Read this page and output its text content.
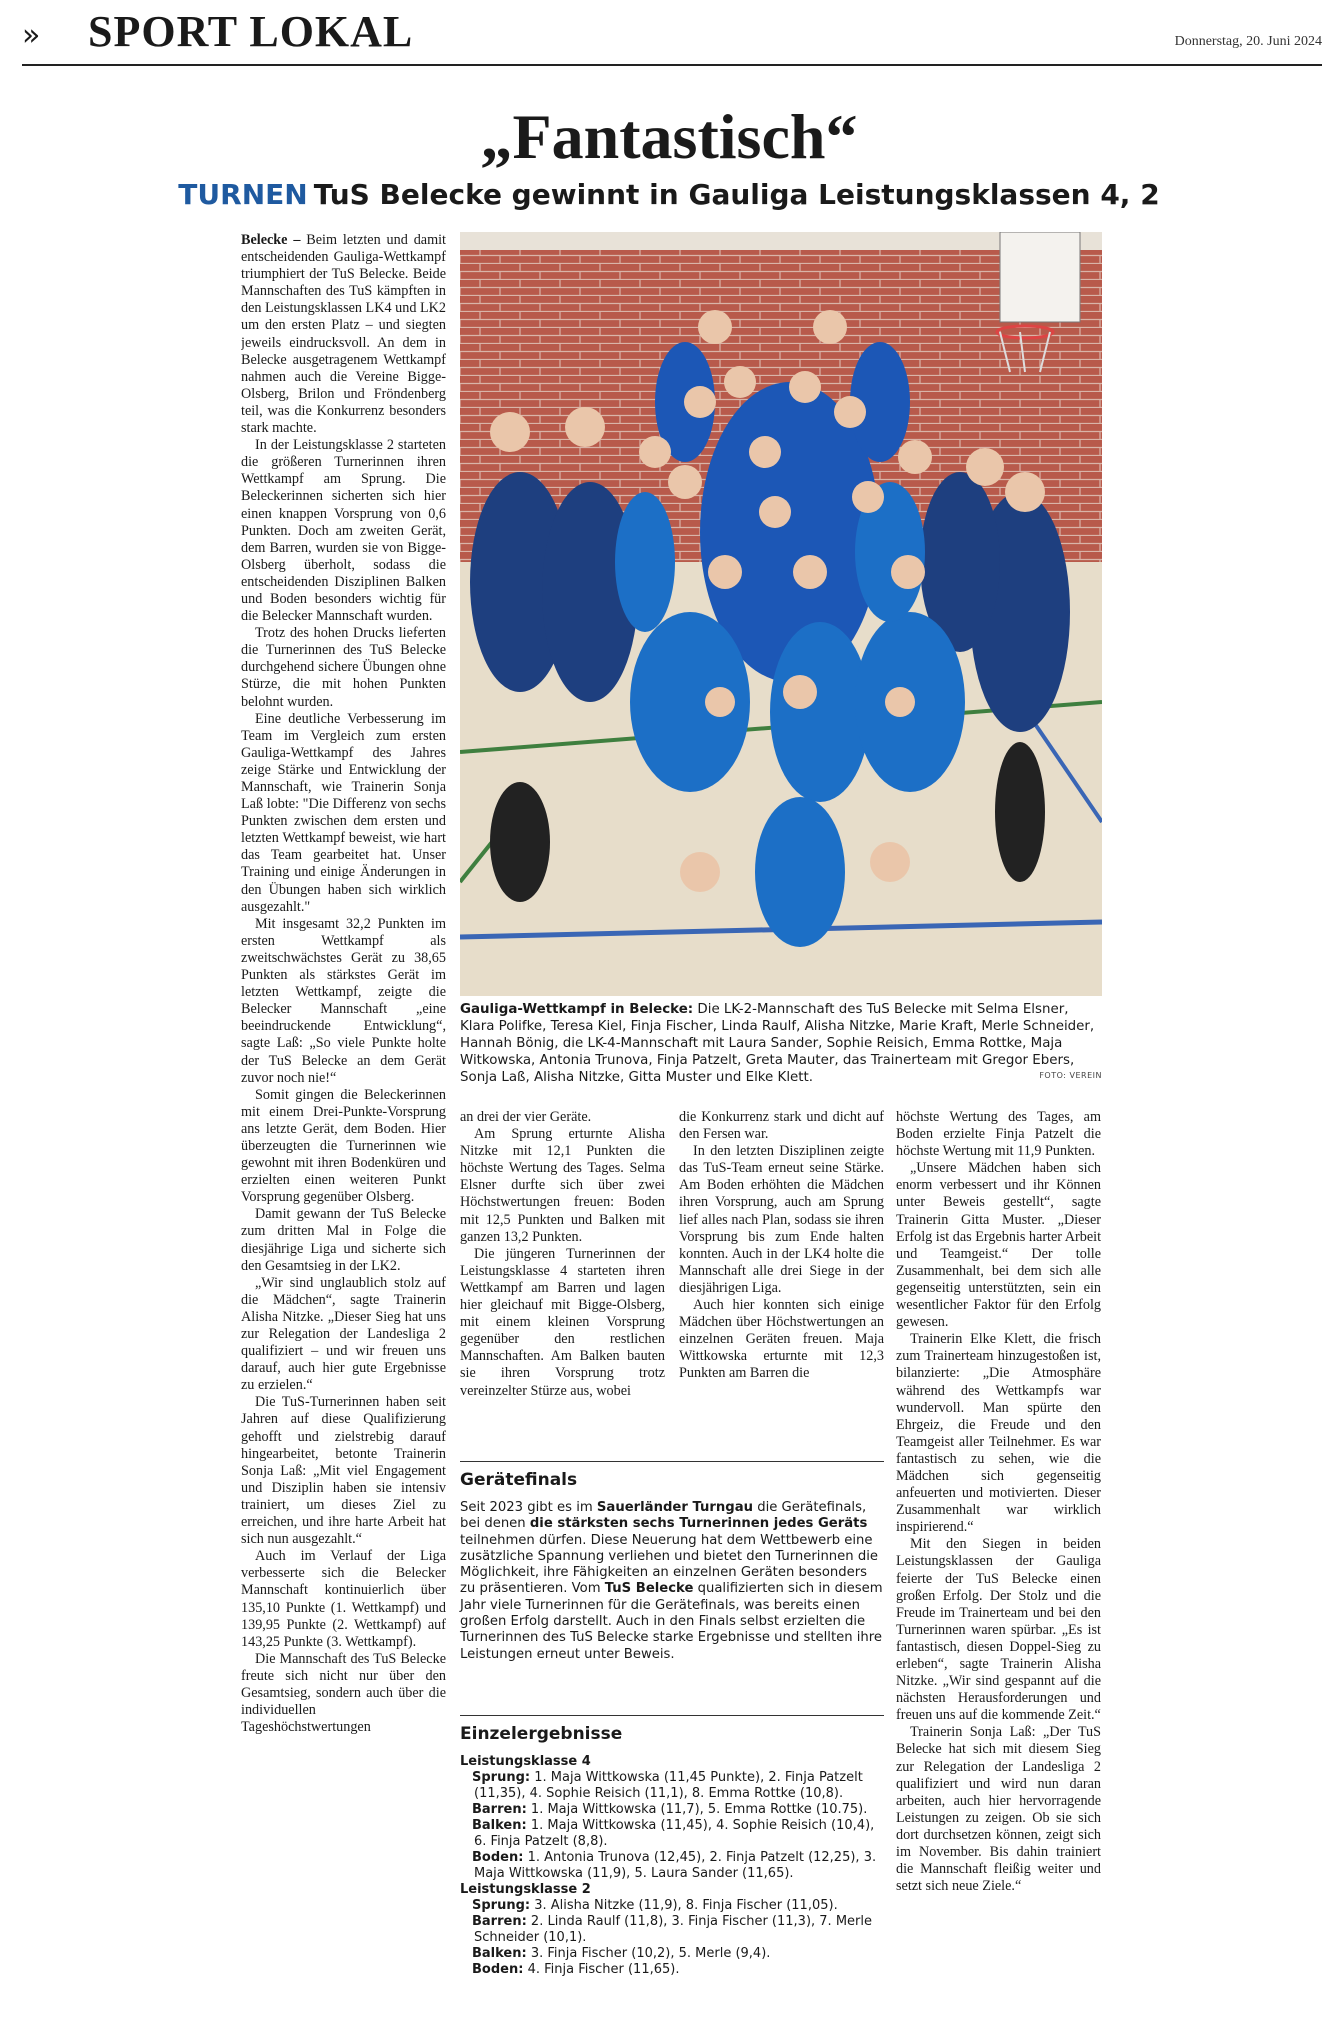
» SPORT LOKAL	Donnerstag, 20. Juni 2024
„Fantastisch“
TURNEN TuS Belecke gewinnt in Gauliga Leistungsklassen 4, 2

Belecke – Beim letzten und damit entscheidenden Gauliga-Wettkampf triumphiert der TuS Belecke. Beide Mannschaften des TuS kämpften in den Leistungsklassen LK4 und LK2 um den ersten Platz – und siegten jeweils eindrucksvoll. An dem in Belecke ausgetragenem Wettkampf nahmen auch die Vereine Bigge-Olsberg, Brilon und Fröndenberg teil, was die Konkurrenz besonders stark machte.

In der Leistungsklasse 2 starteten die größeren Turnerinnen ihren Wettkampf am Sprung. Die Beleckerinnen sicherten sich hier einen knappen Vorsprung von 0,6 Punkten. Doch am zweiten Gerät, dem Barren, wurden sie von Bigge-Olsberg überholt, sodass die entscheidenden Disziplinen Balken und Boden besonders wichtig für die Belecker Mannschaft wurden.

Trotz des hohen Drucks lieferten die Turnerinnen des TuS Belecke durchgehend sichere Übungen ohne Stürze, die mit hohen Punkten belohnt wurden.

Eine deutliche Verbesserung im Team im Vergleich zum ersten Gauliga-Wettkampf des Jahres zeige Stärke und Entwicklung der Mannschaft, wie Trainerin Sonja Laß lobte: "Die Differenz von sechs Punkten zwischen dem ersten und letzten Wettkampf beweist, wie hart das Team gearbeitet hat. Unser Training und einige Änderungen in den Übungen haben sich wirklich ausgezahlt."

Mit insgesamt 32,2 Punkten im ersten Wettkampf als zweitschwächstes Gerät zu 38,65 Punkten als stärkstes Gerät im letzten Wettkampf, zeigte die Belecker Mannschaft „eine beeindruckende Entwicklung“, sagte Laß: „So viele Punkte holte der TuS Belecke an dem Gerät zuvor noch nie!“

Somit gingen die Beleckerinnen mit einem Drei-Punkte-Vorsprung ans letzte Gerät, dem Boden. Hier überzeugten die Turnerinnen wie gewohnt mit ihren Bodenküren und erzielten einen weiteren Punkt Vorsprung gegenüber Olsberg.

Damit gewann der TuS Belecke zum dritten Mal in Folge die diesjährige Liga und sicherte sich den Gesamtsieg in der LK2.

„Wir sind unglaublich stolz auf die Mädchen“, sagte Trainerin Alisha Nitzke. „Dieser Sieg hat uns zur Relegation der Landesliga 2 qualifiziert – und wir freuen uns darauf, auch hier gute Ergebnisse zu erzielen.“

Die TuS-Turnerinnen haben seit Jahren auf diese Qualifizierung gehofft und zielstrebig darauf hingearbeitet, betonte Trainerin Sonja Laß: „Mit viel Engagement und Disziplin haben sie intensiv trainiert, um dieses Ziel zu erreichen, und ihre harte Arbeit hat sich nun ausgezahlt.“

Auch im Verlauf der Liga verbesserte sich die Belecker Mannschaft kontinuierlich über 135,10 Punkte (1. Wettkampf) und 139,95 Punkte (2. Wettkampf) auf 143,25 Punkte (3. Wettkampf).

Die Mannschaft des TuS Belecke freute sich nicht nur über den Gesamtsieg, sondern auch über die individuellen Tageshöchstwertungen

Gauliga-Wettkampf in Belecke: Die LK-2-Mannschaft des TuS Belecke mit Selma Elsner, Klara Polifke, Teresa Kiel, Finja Fischer, Linda Raulf, Alisha Nitzke, Marie Kraft, Merle Schneider, Hannah Bönig, die LK-4-Mannschaft mit Laura Sander, Sophie Reisich, Emma Rottke, Maja Witkowska, Antonia Trunova, Finja Patzelt, Greta Mauter, das Trainerteam mit Gregor Ebers, Sonja Laß, Alisha Nitzke, Gitta Muster und Elke Klett.	FOTO: VEREIN

an drei der vier Geräte.

Am Sprung erturnte Alisha Nitzke mit 12,1 Punkten die höchste Wertung des Tages. Selma Elsner durfte sich über zwei Höchstwertungen freuen: Boden mit 12,5 Punkten und Balken mit ganzen 13,2 Punkten.

Die jüngeren Turnerinnen der Leistungsklasse 4 starteten ihren Wettkampf am Barren und lagen hier gleichauf mit Bigge-Olsberg, mit einem kleinen Vorsprung gegenüber den restlichen Mannschaften. Am Balken bauten sie ihren Vorsprung trotz vereinzelter Stürze aus, wobei

die Konkurrenz stark und dicht auf den Fersen war.

In den letzten Disziplinen zeigte das TuS-Team erneut seine Stärke. Am Boden erhöhten die Mädchen ihren Vorsprung, auch am Sprung lief alles nach Plan, sodass sie ihren Vorsprung bis zum Ende halten konnten. Auch in der LK4 holte die Mannschaft alle drei Siege in der diesjährigen Liga.

Auch hier konnten sich einige Mädchen über Höchstwertungen an einzelnen Geräten freuen. Maja Wittkowska erturnte mit 12,3 Punkten am Barren die

höchste Wertung des Tages, am Boden erzielte Finja Patzelt die höchste Wertung mit 11,9 Punkten.

„Unsere Mädchen haben sich enorm verbessert und ihr Können unter Beweis gestellt“, sagte Trainerin Gitta Muster. „Dieser Erfolg ist das Ergebnis harter Arbeit und Teamgeist.“ Der tolle Zusammenhalt, bei dem sich alle gegenseitig unterstützten, sein ein wesentlicher Faktor für den Erfolg gewesen.

Trainerin Elke Klett, die frisch zum Trainerteam hinzugestoßen ist, bilanzierte: „Die Atmosphäre während des Wettkampfs war wundervoll. Man spürte den Ehrgeiz, die Freude und den Teamgeist aller Teilnehmer. Es war fantastisch zu sehen, wie die Mädchen sich gegenseitig anfeuerten und motivierten. Dieser Zusammenhalt war wirklich inspirierend.“

Mit den Siegen in beiden Leistungsklassen der Gauliga feierte der TuS Belecke einen großen Erfolg. Der Stolz und die Freude im Trainerteam und bei den Turnerinnen waren spürbar. „Es ist fantastisch, diesen Doppel-Sieg zu erleben“, sagte Trainerin Alisha Nitzke. „Wir sind gespannt auf die nächsten Herausforderungen und freuen uns auf die kommende Zeit.“

Trainerin Sonja Laß: „Der TuS Belecke hat sich mit diesem Sieg zur Relegation der Landesliga 2 qualifiziert und wird nun daran arbeiten, auch hier hervorragende Leistungen zu zeigen. Ob sie sich dort durchsetzen können, zeigt sich im November. Bis dahin trainiert die Mannschaft fleißig weiter und setzt sich neue Ziele.“

Gerätefinals
Seit 2023 gibt es im Sauerländer Turngau die Gerätefinals, bei denen die stärksten sechs Turnerinnen jedes Geräts teilnehmen dürfen. Diese Neuerung hat dem Wettbewerb eine zusätzliche Spannung verliehen und bietet den Turnerinnen die Möglichkeit, ihre Fähigkeiten an einzelnen Geräten besonders zu präsentieren. Vom TuS Belecke qualifizierten sich in diesem Jahr viele Turnerinnen für die Gerätefinals, was bereits einen großen Erfolg darstellt. Auch in den Finals selbst erzielten die Turnerinnen des TuS Belecke starke Ergebnisse und stellten ihre Leistungen erneut unter Beweis.
Einzelergebnisse
Leistungsklasse 4
Sprung: 1. Maja Wittkowska (11,45 Punkte), 2. Finja Patzelt (11,35), 4. Sophie Reisich (11,1), 8. Emma Rottke (10,8).
Barren: 1. Maja Wittkowska (11,7), 5. Emma Rottke (10.75).
Balken: 1. Maja Wittkowska (11,45), 4. Sophie Reisich (10,4), 6. Finja Patzelt (8,8).
Boden: 1. Antonia Trunova (12,45), 2. Finja Patzelt (12,25), 3. Maja Wittkowska (11,9), 5. Laura Sander (11,65).
Leistungsklasse 2
Sprung: 3. Alisha Nitzke (11,9), 8. Finja Fischer (11,05).
Barren: 2. Linda Raulf (11,8), 3. Finja Fischer (11,3), 7. Merle Schneider (10,1).
Balken: 3. Finja Fischer (10,2), 5. Merle (9,4).
Boden: 4. Finja Fischer (11,65).
